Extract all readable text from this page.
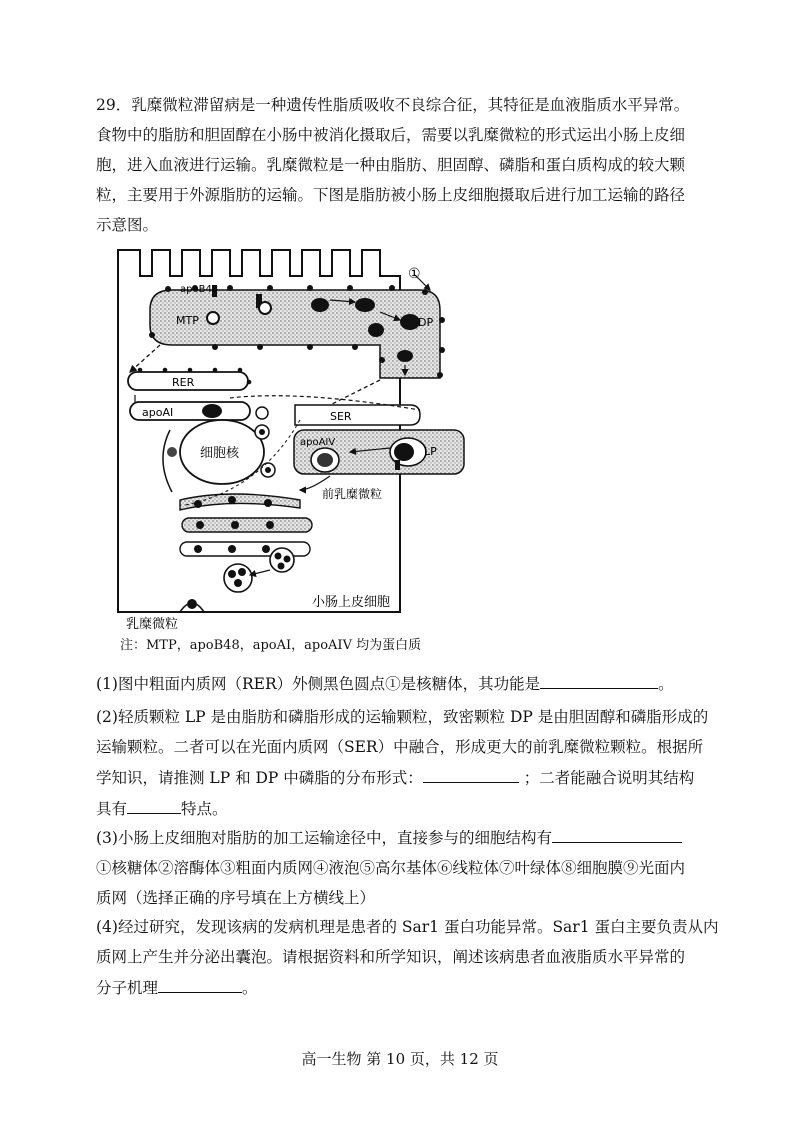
29．乳糜微粒滞留病是一种遗传性脂质吸收不良综合征，其特征是血液脂质水平异常。
食物中的脂肪和胆固醇在小肠中被消化摄取后，需要以乳糜微粒的形式运出小肠上皮细
胞，进入血液进行运输。乳糜微粒是一种由脂肪、胆固醇、磷脂和蛋白质构成的较大颗
粒，主要用于外源脂肪的运输。下图是脂肪被小肠上皮细胞摄取后进行加工运输的路径
示意图。
①
apoB48
MTP	DP
RER
apoAI	SER
细胞核
apoAIV
LP
前乳糜微粒
乳糜微粒
小肠上皮细胞
注：MTP，apoB48，apoAI，apoAIV 均为蛋白质
(1)图中粗面内质网（RER）外侧黑色圆点①是核糖体，其功能是	。
(2)轻质颗粒 LP 是由脂肪和磷脂形成的运输颗粒，致密颗粒 DP 是由胆固醇和磷脂形成的
运输颗粒。二者可以在光面内质网（SER）中融合，形成更大的前乳糜微粒颗粒。根据所
学知识，请推测 LP 和 DP 中磷脂的分布形式：	；二者能融合说明其结构
具有	特点。
(3)小肠上皮细胞对脂肪的加工运输途径中，直接参与的细胞结构有
①核糖体②溶酶体③粗面内质网④液泡⑤高尔基体⑥线粒体⑦叶绿体⑧细胞膜⑨光面内
质网（选择正确的序号填在上方横线上）
(4)经过研究，发现该病的发病机理是患者的 Sar1 蛋白功能异常。Sar1 蛋白主要负责从内
质网上产生并分泌出囊泡。请根据资料和所学知识，阐述该病患者血液脂质水平异常的
分子机理	。
高一生物 第 10 页，共 12 页
